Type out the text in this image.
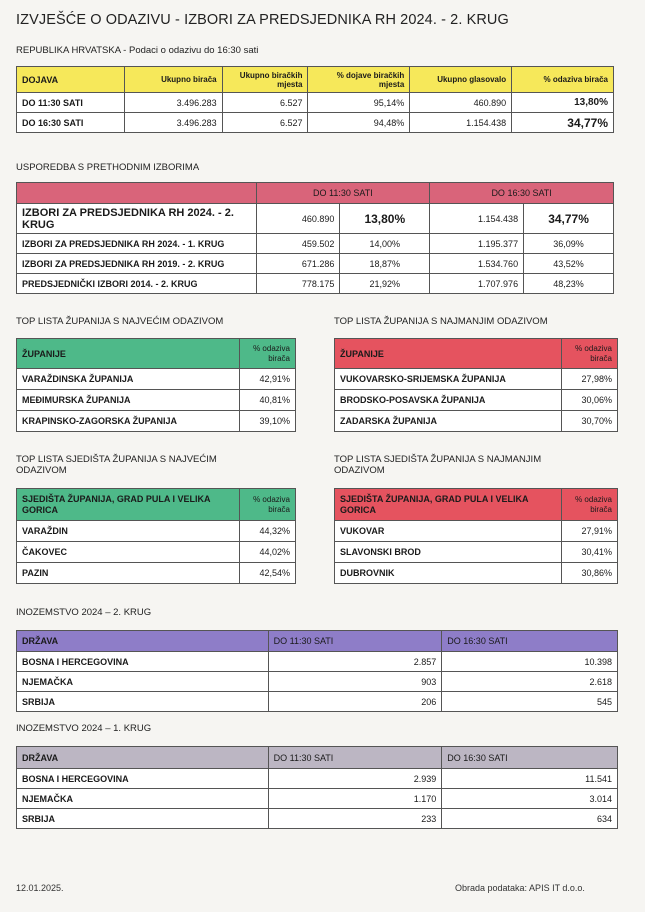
IZVJEŠĆE O ODAZIVU - IZBORI ZA PREDSJEDNIKA RH 2024. - 2. KRUG
REPUBLIKA HRVATSKA - Podaci o odazivu do 16:30 sati
DOJAVA	Ukupno birača	Ukupno biračkih mjesta	% dojave biračkih mjesta	Ukupno glasovalo	% odaziva birača
DO 11:30 SATI	3.496.283	6.527	95,14%	460.890	13,80%
DO 16:30 SATI	3.496.283	6.527	94,48%	1.154.438	34,77%
USPOREDBA S PRETHODNIM IZBORIMA
	DO 11:30 SATI		DO 16:30 SATI	
IZBORI ZA PREDSJEDNIKA RH 2024. - 2. KRUG	460.890	13,80%	1.154.438	34,77%
IZBORI ZA PREDSJEDNIKA RH 2024. - 1. KRUG	459.502	14,00%	1.195.377	36,09%
IZBORI ZA PREDSJEDNIKA RH 2019. - 2. KRUG	671.286	18,87%	1.534.760	43,52%
PREDSJEDNIČKI IZBORI 2014. - 2. KRUG	778.175	21,92%	1.707.976	48,23%
TOP LISTA ŽUPANIJA S NAJVEĆIM ODAZIVOM
ŽUPANIJE	% odaziva birača
VARAŽDINSKA ŽUPANIJA	42,91%
MEĐIMURSKA ŽUPANIJA	40,81%
KRAPINSKO-ZAGORSKA ŽUPANIJA	39,10%
TOP LISTA ŽUPANIJA S NAJMANJIM ODAZIVOM
ŽUPANIJE	% odaziva birača
VUKOVARSKO-SRIJEMSKA ŽUPANIJA	27,98%
BRODSKO-POSAVSKA ŽUPANIJA	30,06%
ZADARSKA ŽUPANIJA	30,70%
TOP LISTA SJEDIŠTA ŽUPANIJA S NAJVEĆIM ODAZIVOM
SJEDIŠTA ŽUPANIJA, GRAD PULA I VELIKA GORICA	% odaziva birača
VARAŽDIN	44,32%
ČAKOVEC	44,02%
PAZIN	42,54%
TOP LISTA SJEDIŠTA ŽUPANIJA S NAJMANJIM ODAZIVOM
SJEDIŠTA ŽUPANIJA, GRAD PULA I VELIKA GORICA	% odaziva birača
VUKOVAR	27,91%
SLAVONSKI BROD	30,41%
DUBROVNIK	30,86%
INOZEMSTVO 2024 – 2. KRUG
DRŽAVA	DO 11:30 SATI	DO 16:30 SATI
BOSNA I HERCEGOVINA	2.857	10.398
NJEMAČKA	903	2.618
SRBIJA	206	545
INOZEMSTVO 2024 – 1. KRUG
DRŽAVA	DO 11:30 SATI	DO 16:30 SATI
BOSNA I HERCEGOVINA	2.939	11.541
NJEMAČKA	1.170	3.014
SRBIJA	233	634
12.01.2025.	Obrada podataka: APIS IT d.o.o.
